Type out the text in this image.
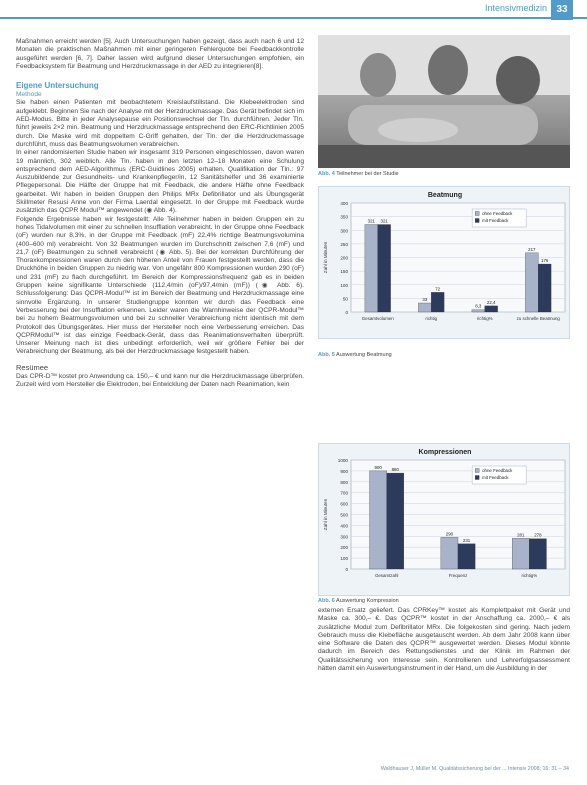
Intensivmedizin 33

Maßnahmen erreicht werden [5]. Auch Untersuchungen haben gezeigt, dass auch nach 6 und 12 Monaten die praktischen Maßnahmen mit einer geringeren Fehlerquote bei Feedbackkontrolle ausgeführt werden [6, 7]. Daher lassen wird aufgrund dieser Untersuchungen empfohlen, ein Feedbacksystem für Beatmung und Herzdruckmassage in der AED zu integrieren[8].

Eigene Untersuchung

Methode

Sie haben einen Patienten mit beobachtetem Kreislaufstillstand. Die Klebeelektroden sind aufgeklebt. Beginnen Sie nach der Analyse mit der Herzdruckmassage. Das Gerät befindet sich im AED-Modus. Bitte in jeder Analysepause ein Positionswechsel der Tln. durchführen. Jeder Tln. führt jeweils 2×2 min. Beatmung und Herzdruckmassage entsprechend den ERC-Richtlinien 2005 durch. Die Maske wird mit doppeltem C-Griff gehalten, der Tln. der die Herzdruckmassage durchführt, muss das Beatmungsvolumen verabreichen.

In einer randomisierten Studie haben wir insgesamt 319 Personen eingeschlossen, davon waren 19 männlich, 302 weiblich. Alle Tln. haben in den letzten 12–18 Monaten eine Schulung entsprechend dem AED-Algorithmus (ERC-Guidlines 2005) erhalten. Qualifikation der Tln.: 97 Auszubildende zur Gesundheits- und Krankenpfleger/in, 12 Sanitätshelfer und 36 examinierte Pflegepersonal. Die Hälfte der Gruppe hat mit Feedback, die andere Hälfte ohne Feedback gearbeitet. Wir haben in beiden Gruppen den Philips MRx Defibrillator und als Übungsgerät Skillmeter Resusi Anne von der Firma Laerdal eingesetzt. In der Gruppe mit Feedback wurde zusätzlich das QCPR Modul™ angewendet (◉ Abb. 4).

Folgende Ergebnisse haben wir festgestellt: Alle Teilnehmer haben in beiden Gruppen ein zu hohes Tidalvolumen mit einer zu schnellen Insufflation verabreicht. In der Gruppe ohne Feedback (oF) wurden nur 8,3%, in der Gruppe mit Feedback (mF) 22,4% richtige Beatmungsvolumina (400–600 ml) verabreicht. Von 32 Beatmungen wurden im Durchschnitt zwischen 7,6 (mF) und 21,7 (oF) Beatmungen zu schnell verabreicht (◉ Abb. 5). Bei der korrekten Durchführung der Thoraxkompressionen waren durch den höheren Anteil von Frauen festgestellt werden, dass die Druckhöhe in beiden Gruppen zu niedrig war. Von ungefähr 800 Kompressionen wurden 290 (oF) und 231 (mF) zu flach durchgeführt. Im Bereich der Kompressionsfrequenz gab es in beiden Gruppen keine signifikante Unterschiede (112,4/min (oF)/97,4/min (mF)) (◉ Abb. 6). Schlussfolgerung: Das QCPR-Modul™ ist im Bereich der Beatmung und Herzdruckmassage eine sinnvolle Ergänzung. In unserer Studiengruppe konnten wir durch das Feedback eine Verbesserung bei der Insufflation erkennen. Leider waren die Warnhinweise der QCPR-Modul™ bei zu hohem Beatmungsvolumen und bei zu schneller Verabreichung nicht identisch mit dem Protokoll des Übungsgerätes. Hier muss der Hersteller noch eine Verbesserung erreichen. Das QCPRModul™ ist das einzige Feedback-Gerät, dass das Reanimationsverhalten überprüft. Unserer Meinung nach ist dies unbedingt erforderlich, weil wir größere Fehler bei der Verabreichung der Beatmung, als bei der Herzdruckmassage festgestellt haben.

Resümee

Das CPR-D™ kostet pro Anwendung ca. 150,– € und kann nur die Herzdruckmassage überprüfen. Zurzeit wird vom Hersteller die Elektroden, bei Entwicklung der Daten nach Reanimation, kein

Abb. 4 Teilnehmer bei der Studie
Beatmung
400
350
300
250
200
150
100
50
0
Zahl in Minuten
321 321
Gesamtvolumen
33
72
richtig
8,3
22,4
richtig%
217
176
zu schnelle Beatmung
ohne Feedback
mit Feedback
Abb. 5 Auswertung Beatmung
Kompressionen
1000
900
800
700
600
500
400
300
200
100
0
Zahl in Minuten
900 880
Gesamtzahl
290
231
Frequenz
281 278
richtig%
ohne Feedback
mit Feedback
Abb. 6 Auswertung Kompression

externen Ersatz geliefert. Das CPRKey™ kostet als Komplettpaket mit Gerät und Maske ca. 300,– €. Das QCPR™ kostet in der Anschaffung ca. 2000,– € als zusätzliche Modul zum Defibrillator MRx. Die folgekosten sind gering. Nach jedem Gebrauch muss die Klebefläche ausgetauscht werden. Ab dem Jahr 2008 kann über eine Software die Daten des QCPR™ ausgewertet werden. Dieses Modul könnte dadurch im Bereich des Rettungsdienstes und der Klinik im Rahmen der Qualitätssicherung von Interesse sein. Kontrollieren und Lehrerfolgsassessment hätten damit ein Auswertungsinstrument in der Hand, um die Ausbildung in der

Waldhauser J, Müller M. Qualitätssicherung bei der ... Intensiv 2008; 16: 31 – 34
